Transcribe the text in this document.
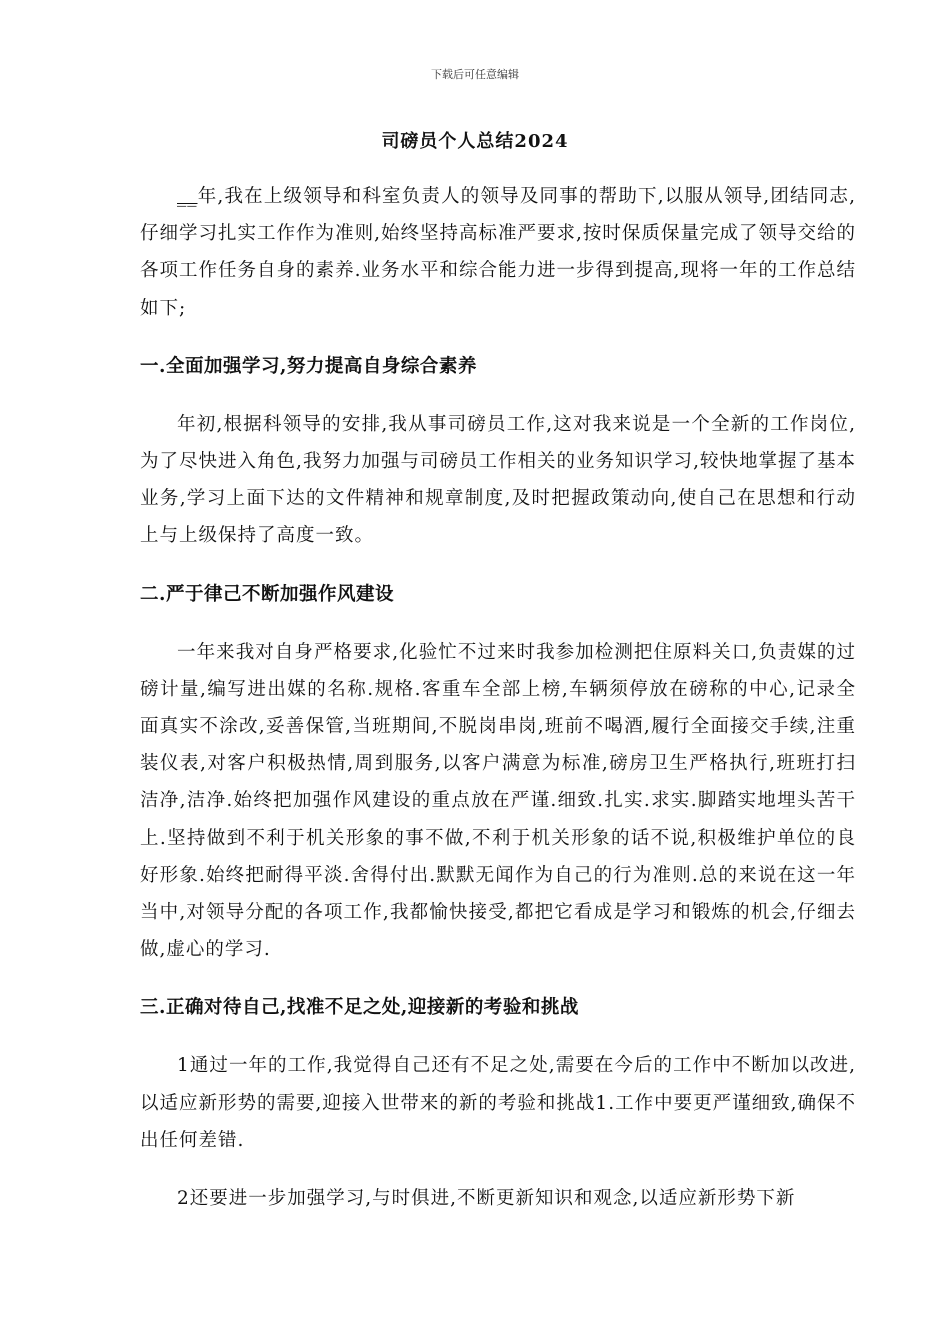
下载后可任意编辑
司磅员个人总结2024

__年,我在上级领导和科室负责人的领导及同事的帮助下,以服从领导,团结同志,仔细学习扎实工作作为准则,始终坚持高标准严要求,按时保质保量完成了领导交给的各项工作任务自身的素养.业务水平和综合能力进一步得到提高,现将一年的工作总结如下;

一.全面加强学习,努力提高自身综合素养

年初,根据科领导的安排,我从事司磅员工作,这对我来说是一个全新的工作岗位,为了尽快进入角色,我努力加强与司磅员工作相关的业务知识学习,较快地掌握了基本业务,学习上面下达的文件精神和规章制度,及时把握政策动向,使自己在思想和行动上与上级保持了高度一致。

二.严于律己不断加强作风建设

一年来我对自身严格要求,化验忙不过来时我参加检测把住原料关口,负责媒的过磅计量,编写进出媒的名称.规格.客重车全部上榜,车辆须停放在磅称的中心,记录全面真实不涂改,妥善保管,当班期间,不脱岗串岗,班前不喝酒,履行全面接交手续,注重装仪表,对客户积极热情,周到服务,以客户满意为标准,磅房卫生严格执行,班班打扫洁净,洁净.始终把加强作风建设的重点放在严谨.细致.扎实.求实.脚踏实地埋头苦干上.坚持做到不利于机关形象的事不做,不利于机关形象的话不说,积极维护单位的良好形象.始终把耐得平淡.舍得付出.默默无闻作为自己的行为准则.总的来说在这一年当中,对领导分配的各项工作,我都愉快接受,都把它看成是学习和锻炼的机会,仔细去做,虚心的学习.

三.正确对待自己,找准不足之处,迎接新的考验和挑战

1通过一年的工作,我觉得自己还有不足之处,需要在今后的工作中不断加以改进,以适应新形势的需要,迎接入世带来的新的考验和挑战1.工作中要更严谨细致,确保不出任何差错.

2还要进一步加强学习,与时俱进,不断更新知识和观念,以适应新形势下新
